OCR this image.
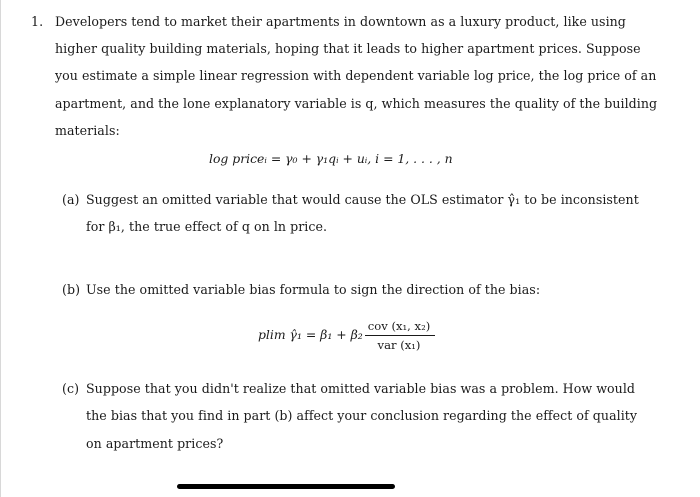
1. Developers tend to market their apartments in downtown as a luxury product, like using
higher quality building materials, hoping that it leads to higher apartment prices. Suppose
you estimate a simple linear regression with dependent variable log price, the log price of an
apartment, and the lone explanatory variable is q, which measures the quality of the building
materials:
log priceᵢ = γ₀ + γ₁qᵢ + uᵢ, i = 1, . . . , n
(a) Suggest an omitted variable that would cause the OLS estimator γ̂₁ to be inconsistent
for β₁, the true effect of q on ln price.
(b) Use the omitted variable bias formula to sign the direction of the bias:
plim γ̂₁ = β₁ + β₂
cov (x₁, x₂)
var (x₁)
(c) Suppose that you didn't realize that omitted variable bias was a problem. How would
the bias that you find in part (b) affect your conclusion regarding the effect of quality
on apartment prices?
